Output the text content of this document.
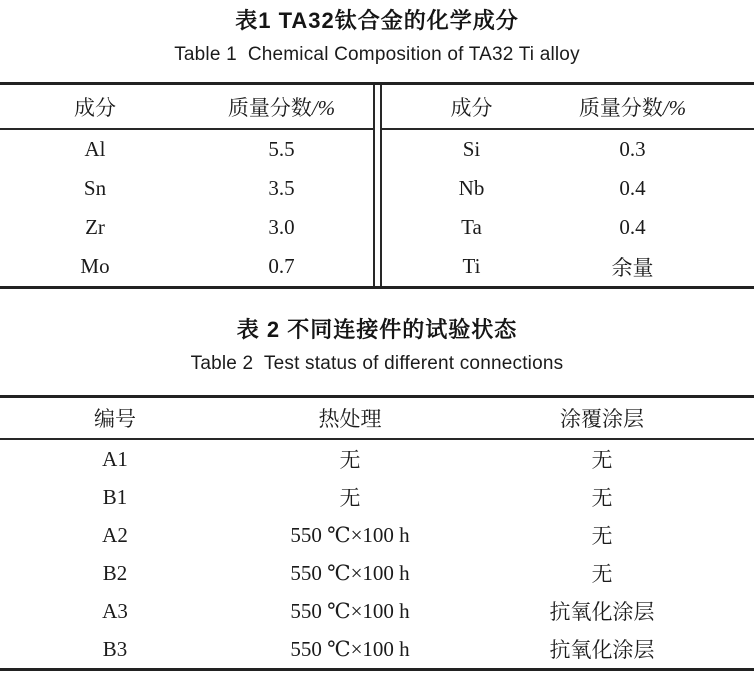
表1 TA32钛合金的化学成分
Table 1  Chemical Composition of TA32 Ti alloy
成分	质量分数/%		成分	质量分数/%
Al	5.5		Si	0.3
Sn	3.5		Nb	0.4
Zr	3.0		Ta	0.4
Mo	0.7		Ti	余量
表 2 不同连接件的试验状态
Table 2  Test status of different connections
编号	热处理	涂覆涂层
A1	无	无
B1	无	无
A2	550 ℃×100 h	无
B2	550 ℃×100 h	无
A3	550 ℃×100 h	抗氧化涂层
B3	550 ℃×100 h	抗氧化涂层
